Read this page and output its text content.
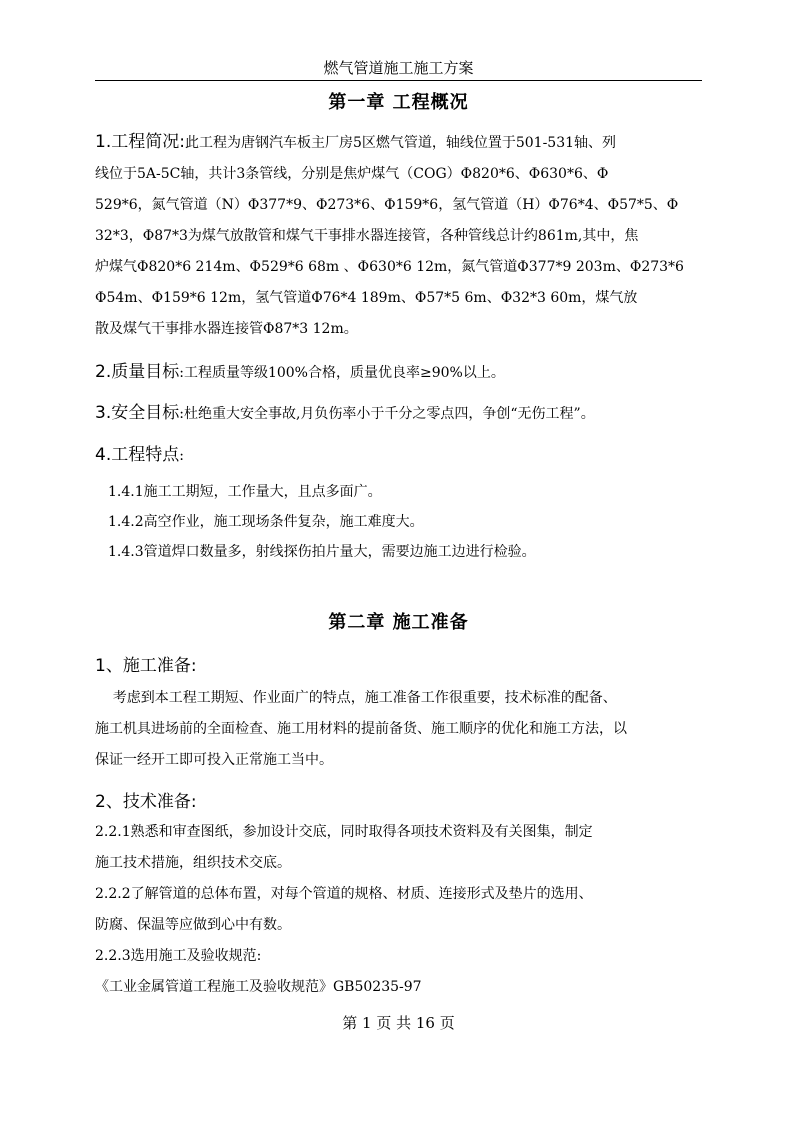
燃气管道施工施工方案
第一章 工程概况
1.工程简况:此工程为唐钢汽车板主厂房5区燃气管道，轴线位置于501-531轴、列
线位于5A-5C轴，共计3条管线，分别是焦炉煤气（COG）Φ820*6、Φ630*6、Φ
529*6，氮气管道（N）Φ377*9、Φ273*6、Φ159*6，氢气管道（H）Φ76*4、Φ57*5、Φ
32*3，Φ87*3为煤气放散管和煤气干事排水器连接管，各种管线总计约861m,其中，焦
炉煤气Φ820*6 214m、Φ529*6 68m 、Φ630*6 12m，氮气管道Φ377*9 203m、Φ273*6
Φ54m、Φ159*6 12m，氢气管道Φ76*4 189m、Φ57*5 6m、Φ32*3 60m，煤气放
散及煤气干事排水器连接管Φ87*3 12m。
2.质量目标:工程质量等级100%合格，质量优良率≥90%以上。
3.安全目标:杜绝重大安全事故,月负伤率小于千分之零点四，争创“无伤工程”。
4.工程特点:
1.4.1施工工期短，工作量大，且点多面广。
1.4.2高空作业，施工现场条件复杂，施工难度大。
1.4.3管道焊口数量多，射线探伤拍片量大，需要边施工边进行检验。
第二章 施工准备
1、施工准备:
考虑到本工程工期短、作业面广的特点，施工准备工作很重要，技术标准的配备、
施工机具进场前的全面检查、施工用材料的提前备货、施工顺序的优化和施工方法，以
保证一经开工即可投入正常施工当中。
2、技术准备:
2.2.1熟悉和审查图纸，参加设计交底，同时取得各项技术资料及有关图集，制定
施工技术措施，组织技术交底。
2.2.2了解管道的总体布置，对每个管道的规格、材质、连接形式及垫片的选用、
防腐、保温等应做到心中有数。
2.2.3选用施工及验收规范:
《工业金属管道工程施工及验收规范》GB50235-97
第 1 页 共 16 页
